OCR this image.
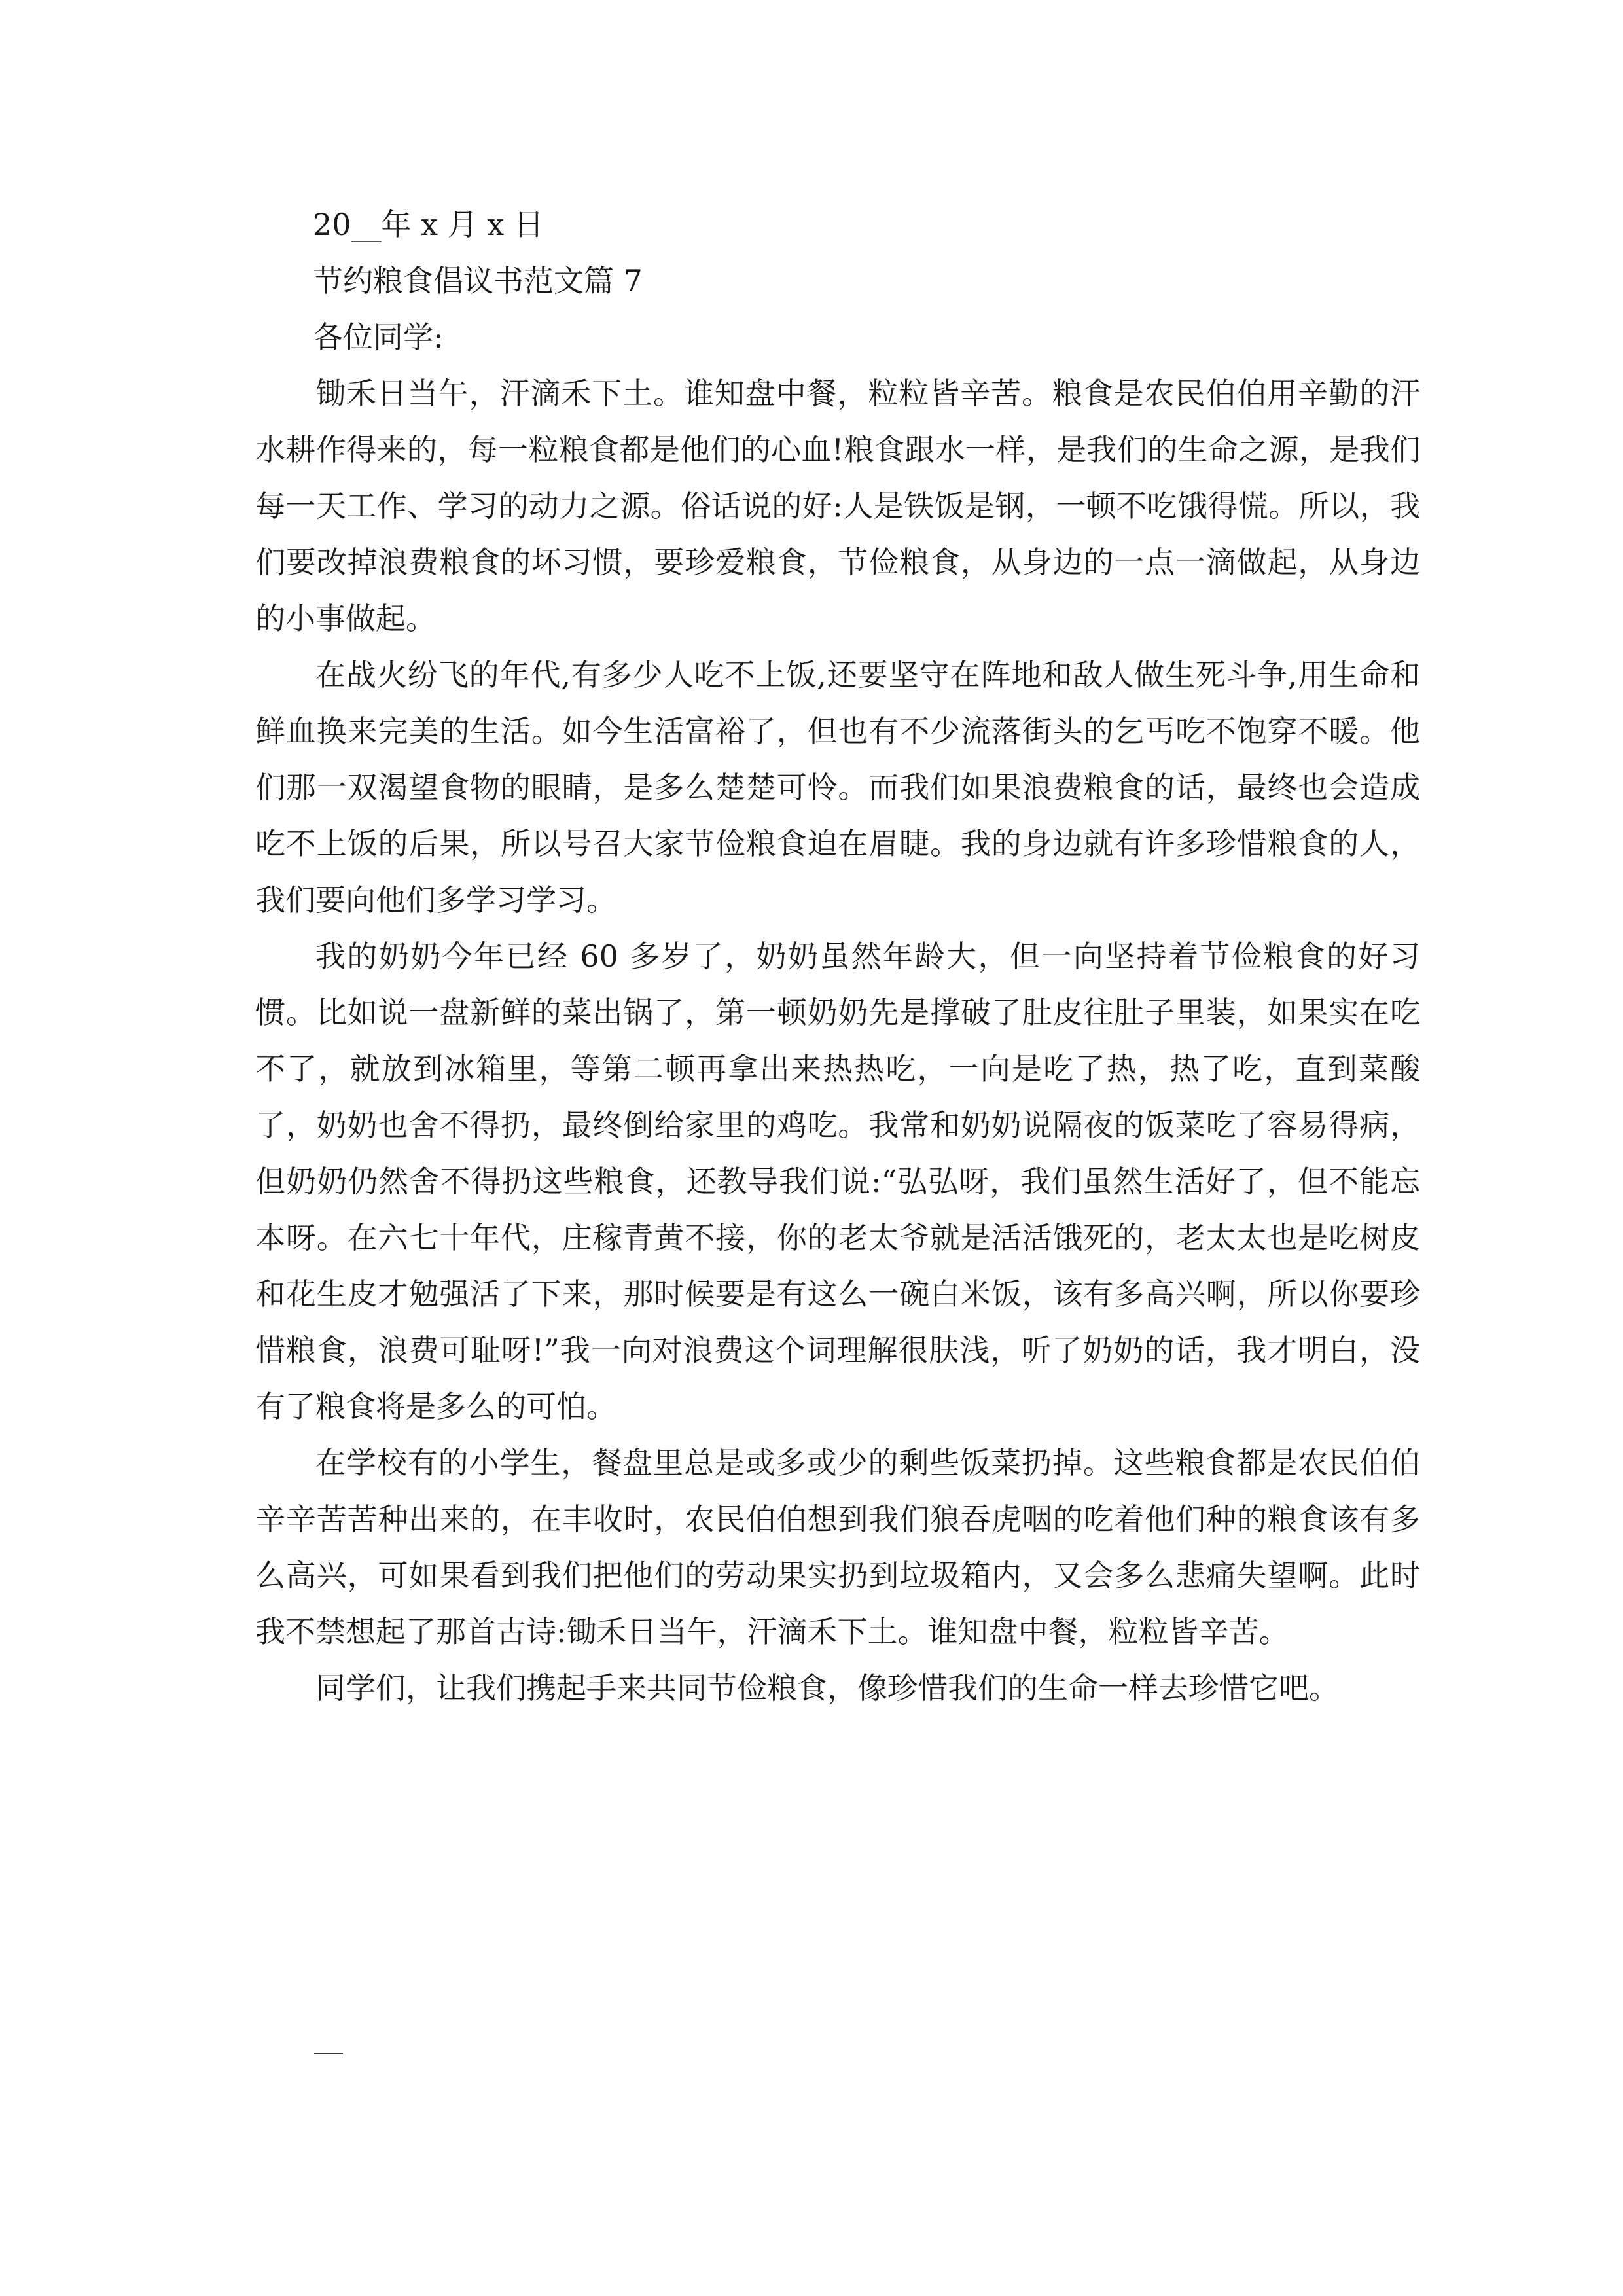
20__年 x 月 x 日

节约粮食倡议书范文篇 7

各位同学:

锄禾日当午，汗滴禾下土。谁知盘中餐，粒粒皆辛苦。粮食是农民伯伯用辛勤的汗水耕作得来的，每一粒粮食都是他们的心血!粮食跟水一样，是我们的生命之源，是我们每一天工作、学习的动力之源。俗话说的好:人是铁饭是钢，一顿不吃饿得慌。所以，我们要改掉浪费粮食的坏习惯，要珍爱粮食，节俭粮食，从身边的一点一滴做起，从身边的小事做起。

在战火纷飞的年代,有多少人吃不上饭,还要坚守在阵地和敌人做生死斗争,用生命和鲜血换来完美的生活。如今生活富裕了，但也有不少流落街头的乞丐吃不饱穿不暖。他们那一双渴望食物的眼睛，是多么楚楚可怜。而我们如果浪费粮食的话，最终也会造成吃不上饭的后果，所以号召大家节俭粮食迫在眉睫。我的身边就有许多珍惜粮食的人，我们要向他们多学习学习。

我的奶奶今年已经 60 多岁了，奶奶虽然年龄大，但一向坚持着节俭粮食的好习惯。比如说一盘新鲜的菜出锅了，第一顿奶奶先是撑破了肚皮往肚子里装，如果实在吃不了，就放到冰箱里，等第二顿再拿出来热热吃，一向是吃了热，热了吃，直到菜酸了，奶奶也舍不得扔，最终倒给家里的鸡吃。我常和奶奶说隔夜的饭菜吃了容易得病，但奶奶仍然舍不得扔这些粮食，还教导我们说:“弘弘呀，我们虽然生活好了，但不能忘本呀。在六七十年代，庄稼青黄不接，你的老太爷就是活活饿死的，老太太也是吃树皮和花生皮才勉强活了下来，那时候要是有这么一碗白米饭，该有多高兴啊，所以你要珍惜粮食，浪费可耻呀!”我一向对浪费这个词理解很肤浅，听了奶奶的话，我才明白，没有了粮食将是多么的可怕。

在学校有的小学生，餐盘里总是或多或少的剩些饭菜扔掉。这些粮食都是农民伯伯辛辛苦苦种出来的，在丰收时，农民伯伯想到我们狼吞虎咽的吃着他们种的粮食该有多么高兴，可如果看到我们把他们的劳动果实扔到垃圾箱内，又会多么悲痛失望啊。此时我不禁想起了那首古诗:锄禾日当午，汗滴禾下土。谁知盘中餐，粒粒皆辛苦。

同学们，让我们携起手来共同节俭粮食，像珍惜我们的生命一样去珍惜它吧。
